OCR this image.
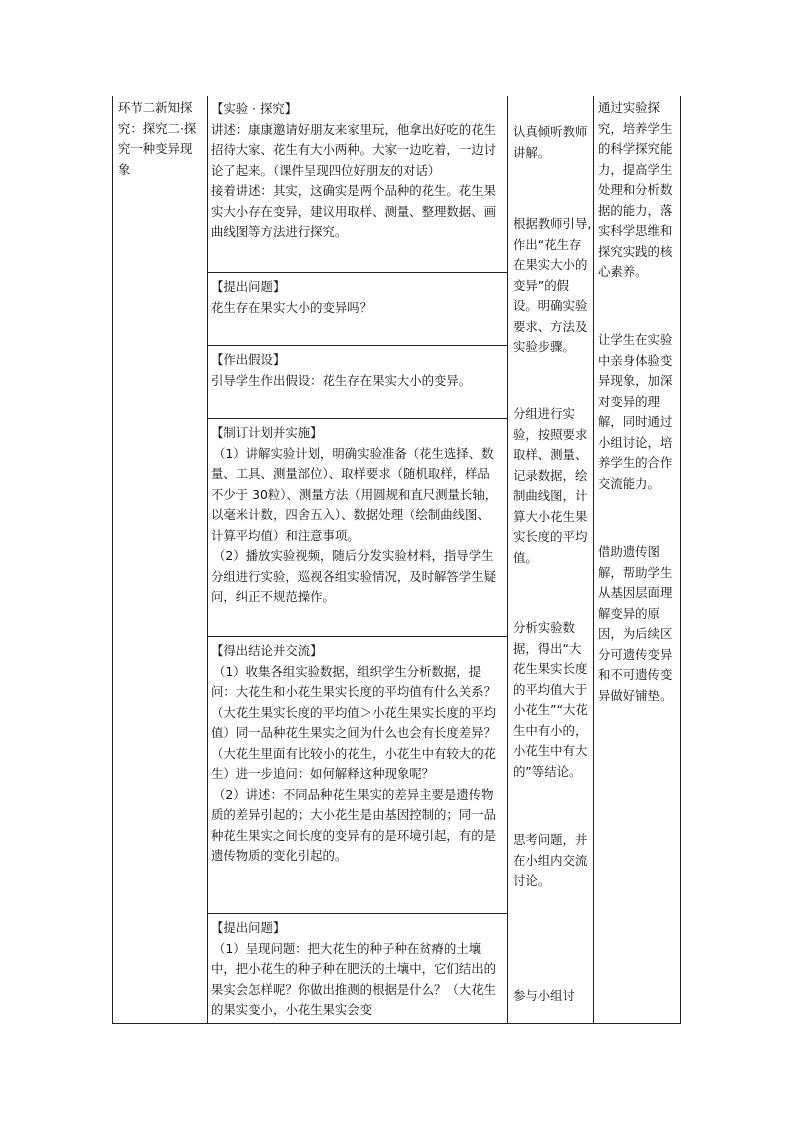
环节二新知探究：探究二·探究一种变异现象
【实验 · 探究】

讲述：康康邀请好朋友来家里玩，他拿出好吃的花生招待大家、花生有大小两种。大家一边吃着，一边讨论了起来。（课件呈现四位好朋友的对话）

接着讲述：其实，这确实是两个品种的花生。花生果实大小存在变异，建议用取样、测量、整理数据、画曲线图等方法进行探究。

【提出问题】

花生存在果实大小的变异吗？

【作出假设】

引导学生作出假设：花生存在果实大小的变异。

【制订计划并实施】

（1）讲解实验计划，明确实验准备（花生选择、数量、工具、测量部位）、取样要求（随机取样，样品不少于 30粒）、测量方法（用圆规和直尺测量长轴，以毫米计数，四舍五入）、数据处理（绘制曲线图、计算平均值）和注意事项。

（2）播放实验视频，随后分发实验材料，指导学生分组进行实验，巡视各组实验情况，及时解答学生疑问，纠正不规范操作。

【得出结论并交流】

（1）收集各组实验数据，组织学生分析数据，提问：大花生和小花生果实长度的平均值有什么关系？（大花生果实长度的平均值＞小花生果实长度的平均值）同一品种花生果实之间为什么也会有长度差异？（大花生里面有比较小的花生，小花生中有较大的花生）进一步追问：如何解释这种现象呢？

（2）讲述：不同品种花生果实的差异主要是遗传物质的差异引起的；大小花生是由基因控制的；同一品种花生果实之间长度的变异有的是环境引起，有的是遗传物质的变化引起的。

【提出问题】

（1）呈现问题：把大花生的种子种在贫瘠的土壤中，把小花生的种子种在肥沃的土壤中，它们结出的果实会怎样呢？你做出推测的根据是什么？（大花生的果实变小，小花生果实会变

认真倾听教师讲解。
根据教师引导,作出“花生存在果实大小的变异”的假设。明确实验要求、方法及实验步骤。
分组进行实验，按照要求取样、测量、记录数据，绘制曲线图，计算大小花生果实长度的平均值。
分析实验数据，得出“大花生果实长度的平均值大于小花生”“大花生中有小的，小花生中有大的”等结论。
思考问题，并在小组内交流讨论。
参与小组讨
通过实验探究，培养学生的科学探究能力，提高学生处理和分析数据的能力，落实科学思维和探究实践的核心素养。
让学生在实验中亲身体验变异现象，加深对变异的理解，同时通过小组讨论，培养学生的合作交流能力。
借助遗传图解，帮助学生从基因层面理解变异的原因，为后续区分可遗传变异和不可遗传变异做好铺垫。
